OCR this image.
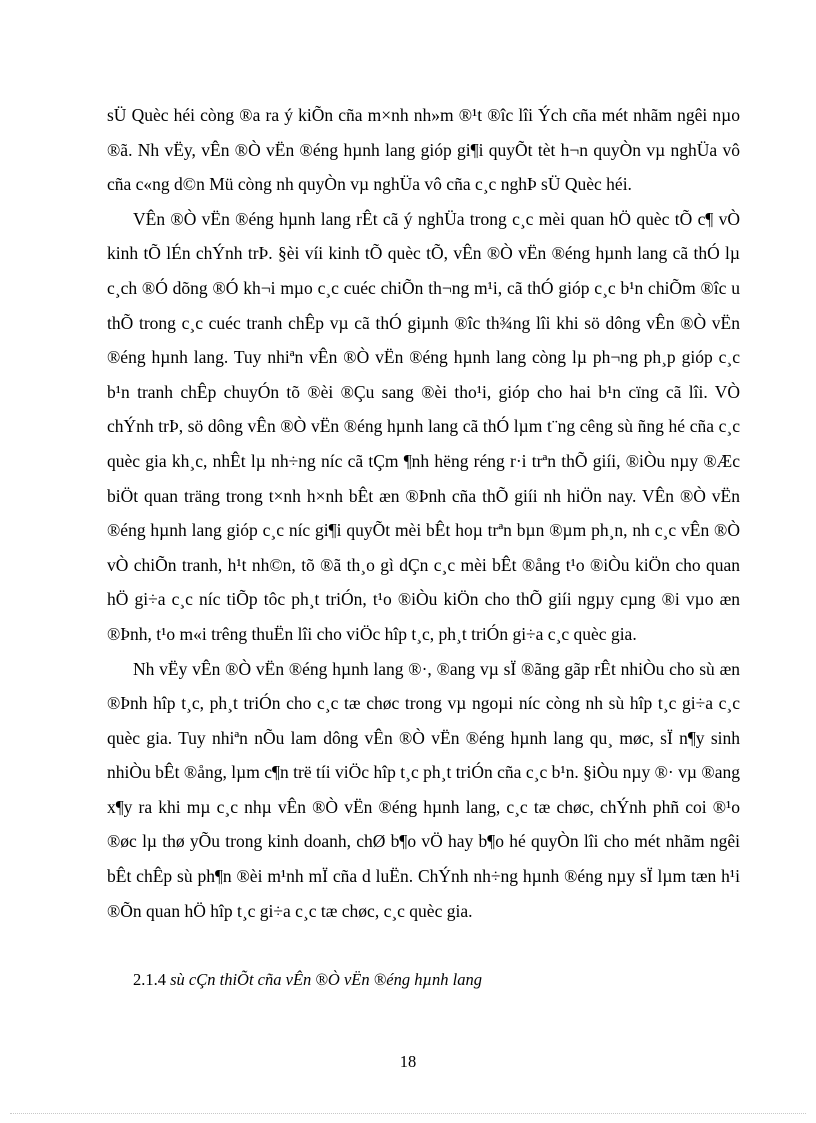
sÜ Quèc héi còng ®a ra ý kiÕn cña m×nh nh»m ®¹t ®îc lîi Ých cña mét nhãm ngêi nµo ®ã. Nh vËy, vÊn ®Ò vËn ®éng hµnh lang gióp gi¶i quyÕt tèt h¬n quyÒn vµ nghÜa vô cña c«ng d©n Mü còng nh quyÒn vµ nghÜa vô cña c¸c nghÞ sÜ Quèc héi.

VÊn ®Ò vËn ®éng hµnh lang rÊt cã ý nghÜa trong c¸c mèi quan hÖ quèc tÕ c¶ vÒ kinh tÕ lÉn chÝnh trÞ. §èi víi kinh tÕ quèc tÕ, vÊn ®Ò vËn ®éng hµnh lang cã thÓ lµ c¸ch ®Ó dõng ®Ó kh¬i mµo c¸c cuéc chiÕn th¬ng m¹i, cã thÓ gióp c¸c b¹n chiÕm ®îc u thÕ trong c¸c cuéc tranh chÊp vµ cã thÓ giµnh ®îc th¾ng lîi khi sö dông vÊn ®Ò vËn ®éng hµnh lang. Tuy nhiªn vÊn ®Ò vËn ®éng hµnh lang còng lµ ph¬ng ph¸p gióp c¸c b¹n tranh chÊp chuyÓn tõ ®èi ®Çu sang ®èi tho¹i, gióp cho hai b¹n cïng cã lîi. VÒ chÝnh trÞ, sö dông vÊn ®Ò vËn ®éng hµnh lang cã thÓ lµm t¨ng cêng sù ñng hé cña c¸c quèc gia kh¸c, nhÊt lµ nh÷ng níc cã tÇm ¶nh hëng réng r·i trªn thÕ giíi, ®iÒu nµy ®Æc biÖt quan träng trong t×nh h×nh bÊt æn ®Þnh cña thÕ giíi nh hiÖn nay. VÊn ®Ò vËn ®éng hµnh lang gióp c¸c níc gi¶i quyÕt mèi bÊt hoµ trªn bµn ®µm ph¸n, nh c¸c vÊn ®Ò vÒ chiÕn tranh, h¹t nh©n, tõ ®ã th¸o gì dÇn c¸c mèi bÊt ®ång t¹o ®iÒu kiÖn cho quan hÖ gi÷a c¸c níc tiÕp tôc ph¸t triÓn, t¹o ®iÒu kiÖn cho thÕ giíi ngµy cµng ®i vµo æn ®Þnh, t¹o m«i trêng thuËn lîi cho viÖc hîp t¸c, ph¸t triÓn gi÷a c¸c quèc gia.

Nh vËy vÊn ®Ò vËn ®éng hµnh lang ®·, ®ang vµ sÏ ®ãng gãp rÊt nhiÒu cho sù æn ®Þnh hîp t¸c, ph¸t triÓn cho c¸c tæ chøc trong vµ ngoµi níc còng nh sù hîp t¸c gi÷a c¸c quèc gia. Tuy nhiªn nÕu lam dông vÊn ®Ò vËn ®éng hµnh lang qu¸ møc, sÏ n¶y sinh nhiÒu bÊt ®ång, lµm c¶n trë tíi viÖc hîp t¸c ph¸t triÓn cña c¸c b¹n. §iÒu nµy ®· vµ ®ang x¶y ra khi mµ c¸c nhµ vÊn ®Ò vËn ®éng hµnh lang, c¸c tæ chøc, chÝnh phñ coi ®¹o ®øc lµ thø yÕu trong kinh doanh, chØ b¶o vÖ hay b¶o hé quyÒn lîi cho mét nhãm ngêi bÊt chÊp sù ph¶n ®èi m¹nh mÏ cña d luËn. ChÝnh nh÷ng hµnh ®éng nµy sÏ lµm tæn h¹i ®Õn quan hÖ hîp t¸c gi÷a c¸c tæ chøc, c¸c quèc gia.

2.1.4 sù cÇn thiÕt cña vÊn ®Ò vËn ®éng hµnh lang
18
